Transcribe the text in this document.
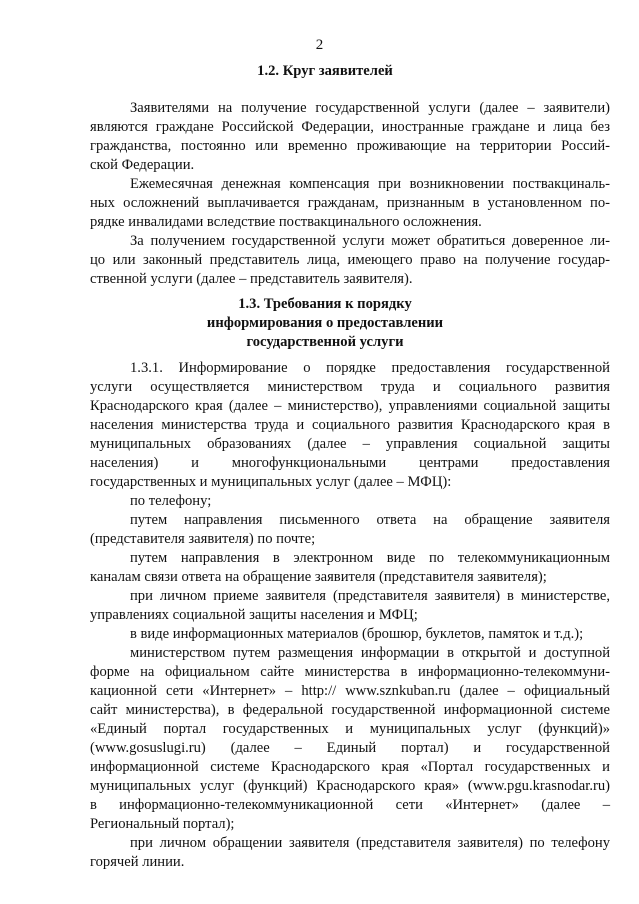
2
1.2. Круг заявителей
Заявителями на получение государственной услуги (далее – заявители)
являются граждане Российской Федерации, иностранные граждане и лица без
гражданства, постоянно или временно проживающие на территории Россий-
ской Федерации.
Ежемесячная денежная компенсация при возникновении поствакциналь-
ных осложнений выплачивается гражданам, признанным в установленном по-
рядке инвалидами вследствие поствакцинального осложнения.
За получением государственной услуги может обратиться доверенное ли-
цо или законный представитель лица, имеющего право на получение государ-
ственной услуги (далее – представитель заявителя).
1.3. Требования к порядку
информирования о предоставлении
государственной услуги
1.3.1. Информирование о порядке предоставления государственной
услуги осуществляется министерством труда и социального развития
Краснодарского края (далее – министерство), управлениями социальной защиты
населения министерства труда и социального развития Краснодарского края в
муниципальных образованиях (далее – управления социальной защиты
населения) и многофункциональными центрами предоставления
государственных и муниципальных услуг (далее – МФЦ):
по телефону;
путем направления письменного ответа на обращение заявителя
(представителя заявителя) по почте;
путем направления в электронном виде по телекоммуникационным
каналам связи ответа на обращение заявителя (представителя заявителя);
при личном приеме заявителя (представителя заявителя) в министерстве,
управлениях социальной защиты населения и МФЦ;
в виде информационных материалов (брошюр, буклетов, памяток и т.д.);
министерством путем размещения информации в открытой и доступной
форме на официальном сайте министерства в информационно-телекоммуни-
кационной сети «Интернет» – http:// www.sznkuban.ru (далее – официальный
сайт министерства), в федеральной государственной информационной системе
«Единый портал государственных и муниципальных услуг (функций)»
(www.gosuslugi.ru) (далее – Единый портал) и государственной
информационной системе Краснодарского края «Портал государственных и
муниципальных услуг (функций) Краснодарского края» (www.pgu.krasnodar.ru)
в информационно-телекоммуникационной сети «Интернет» (далее –
Региональный портал);
при личном обращении заявителя (представителя заявителя) по телефону
горячей линии.
